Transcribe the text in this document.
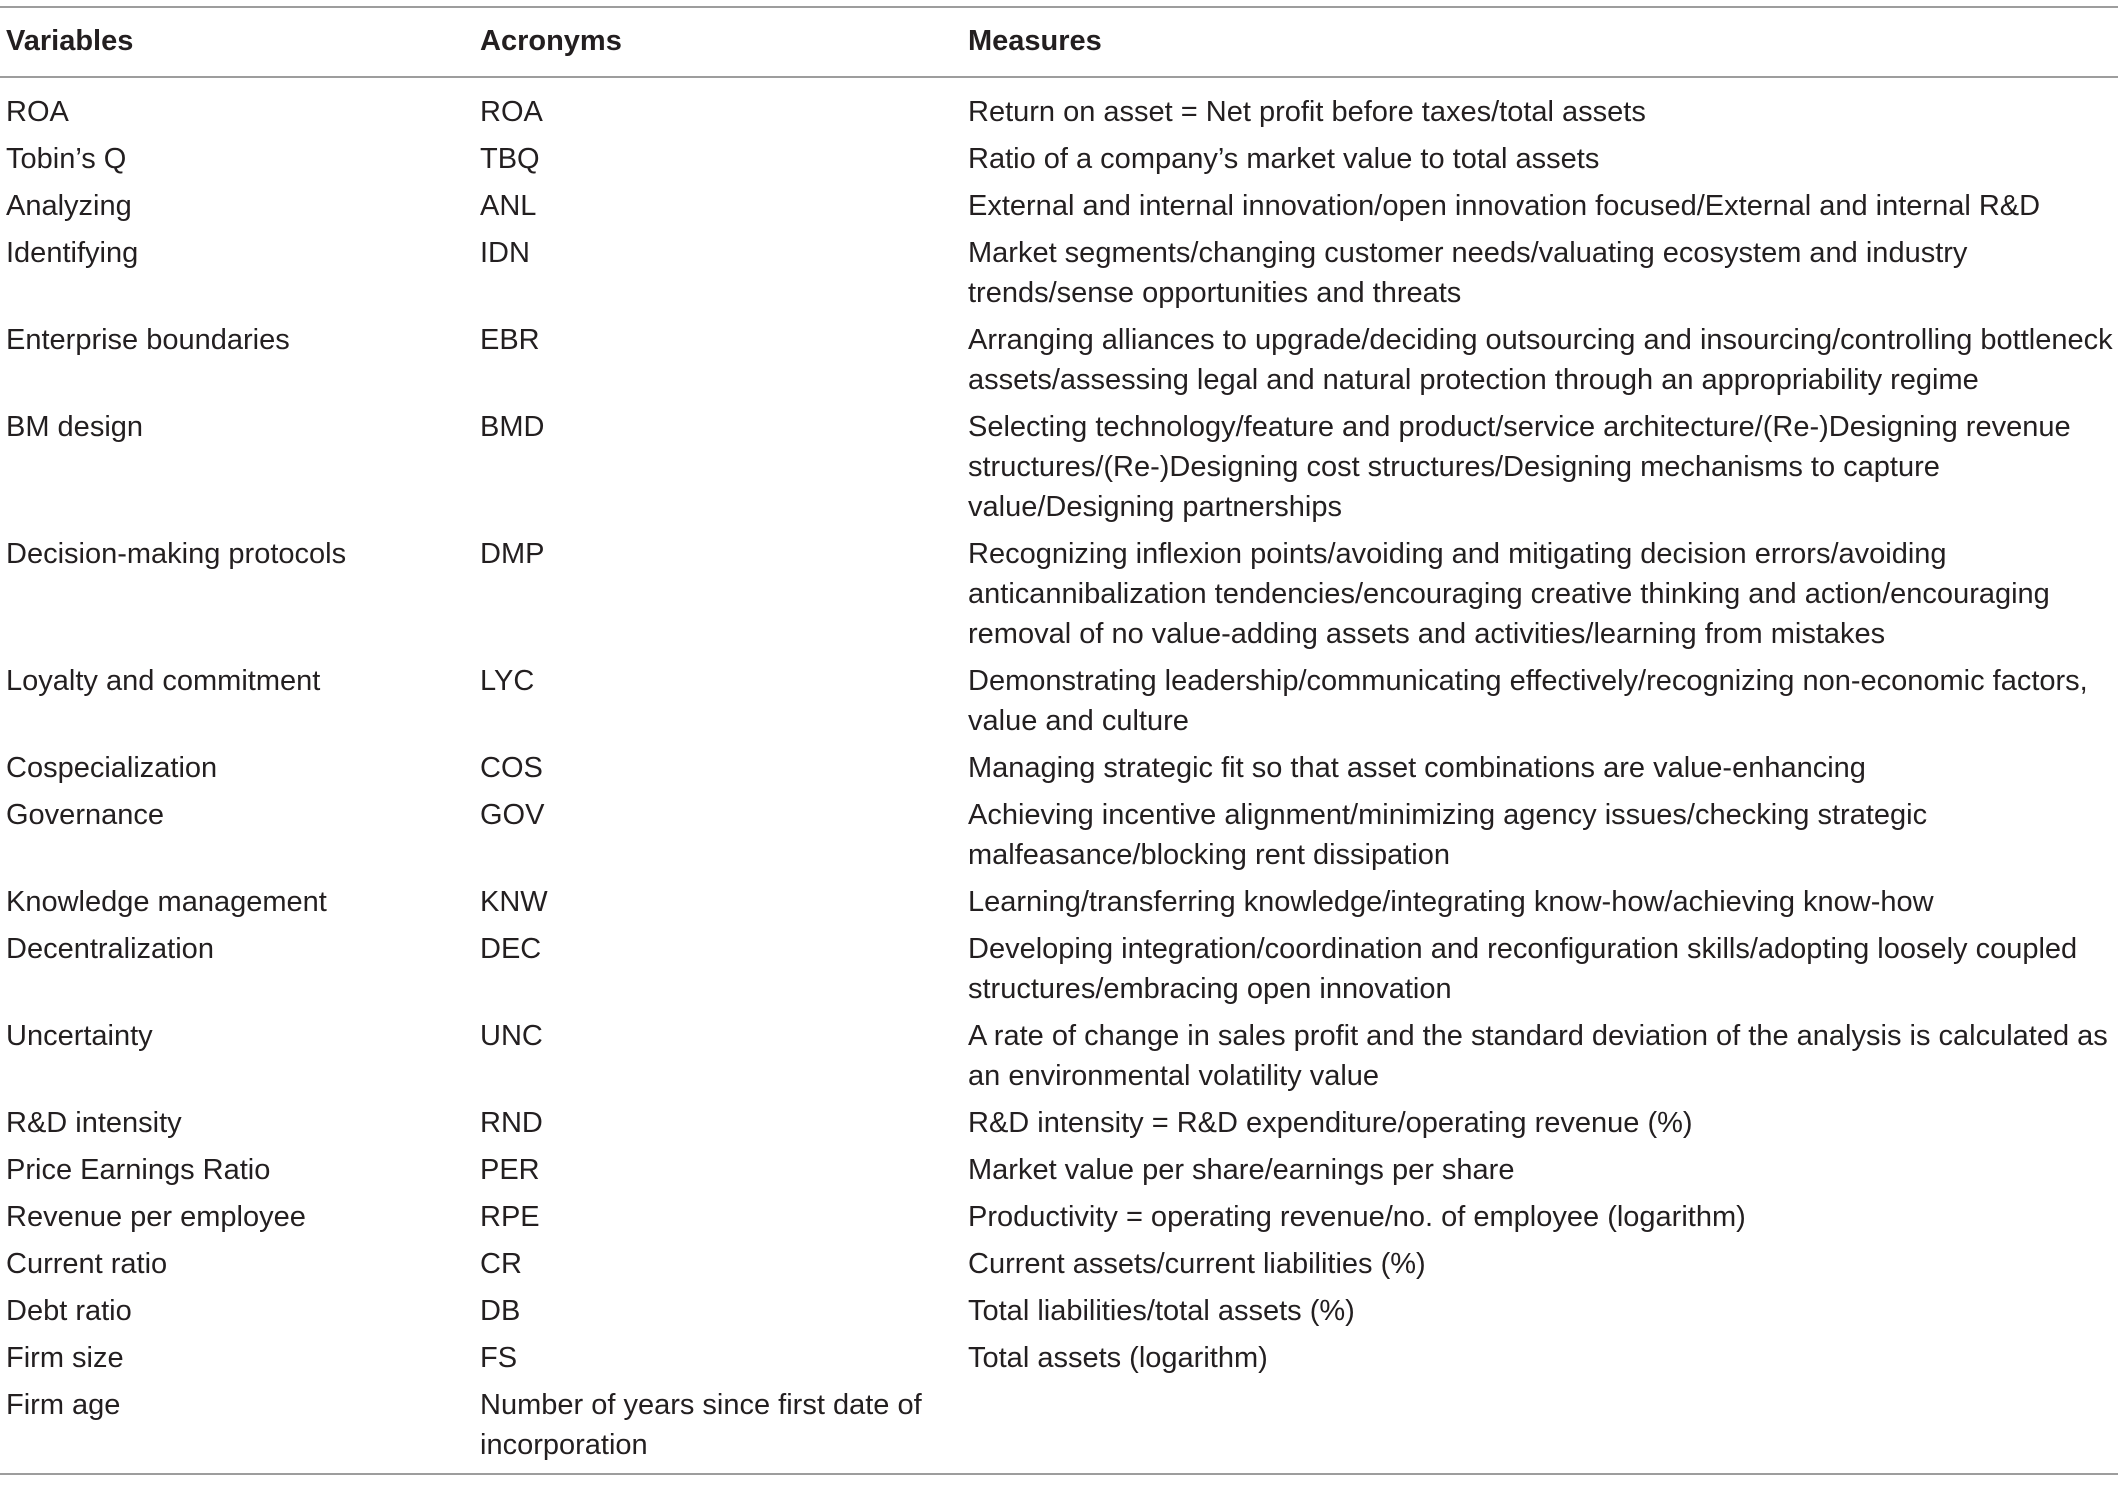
Variables	Acronyms	Measures
ROA	ROA	Return on asset = Net profit before taxes/total assets
Tobin’s Q	TBQ	Ratio of a company’s market value to total assets
Analyzing	ANL	External and internal innovation/open innovation focused/External and internal R&D
Identifying	IDN	Market segments/changing customer needs/valuating ecosystem and industry trends/sense opportunities and threats
Enterprise boundaries	EBR	Arranging alliances to upgrade/deciding outsourcing and insourcing/controlling bottleneck assets/assessing legal and natural protection through an appropriability regime
BM design	BMD	Selecting technology/feature and product/service architecture/(Re-)Designing revenue structures/(Re-)Designing cost structures/Designing mechanisms to capture value/Designing partnerships
Decision-making protocols	DMP	Recognizing inflexion points/avoiding and mitigating decision errors/avoiding anticannibalization tendencies/encouraging creative thinking and action/encouraging removal of no value-adding assets and activities/learning from mistakes
Loyalty and commitment	LYC	Demonstrating leadership/communicating effectively/recognizing non-economic factors, value and culture
Cospecialization	COS	Managing strategic fit so that asset combinations are value-enhancing
Governance	GOV	Achieving incentive alignment/minimizing agency issues/checking strategic malfeasance/blocking rent dissipation
Knowledge management	KNW	Learning/transferring knowledge/integrating know-how/achieving know-how
Decentralization	DEC	Developing integration/coordination and reconfiguration skills/adopting loosely coupled structures/embracing open innovation
Uncertainty	UNC	A rate of change in sales profit and the standard deviation of the analysis is calculated as an environmental volatility value
R&D intensity	RND	R&D intensity = R&D expenditure/operating revenue (%)
Price Earnings Ratio	PER	Market value per share/earnings per share
Revenue per employee	RPE	Productivity = operating revenue/no. of employee (logarithm)
Current ratio	CR	Current assets/current liabilities (%)
Debt ratio	DB	Total liabilities/total assets (%)
Firm size	FS	Total assets (logarithm)
Firm age	Number of years since first date of incorporation	
